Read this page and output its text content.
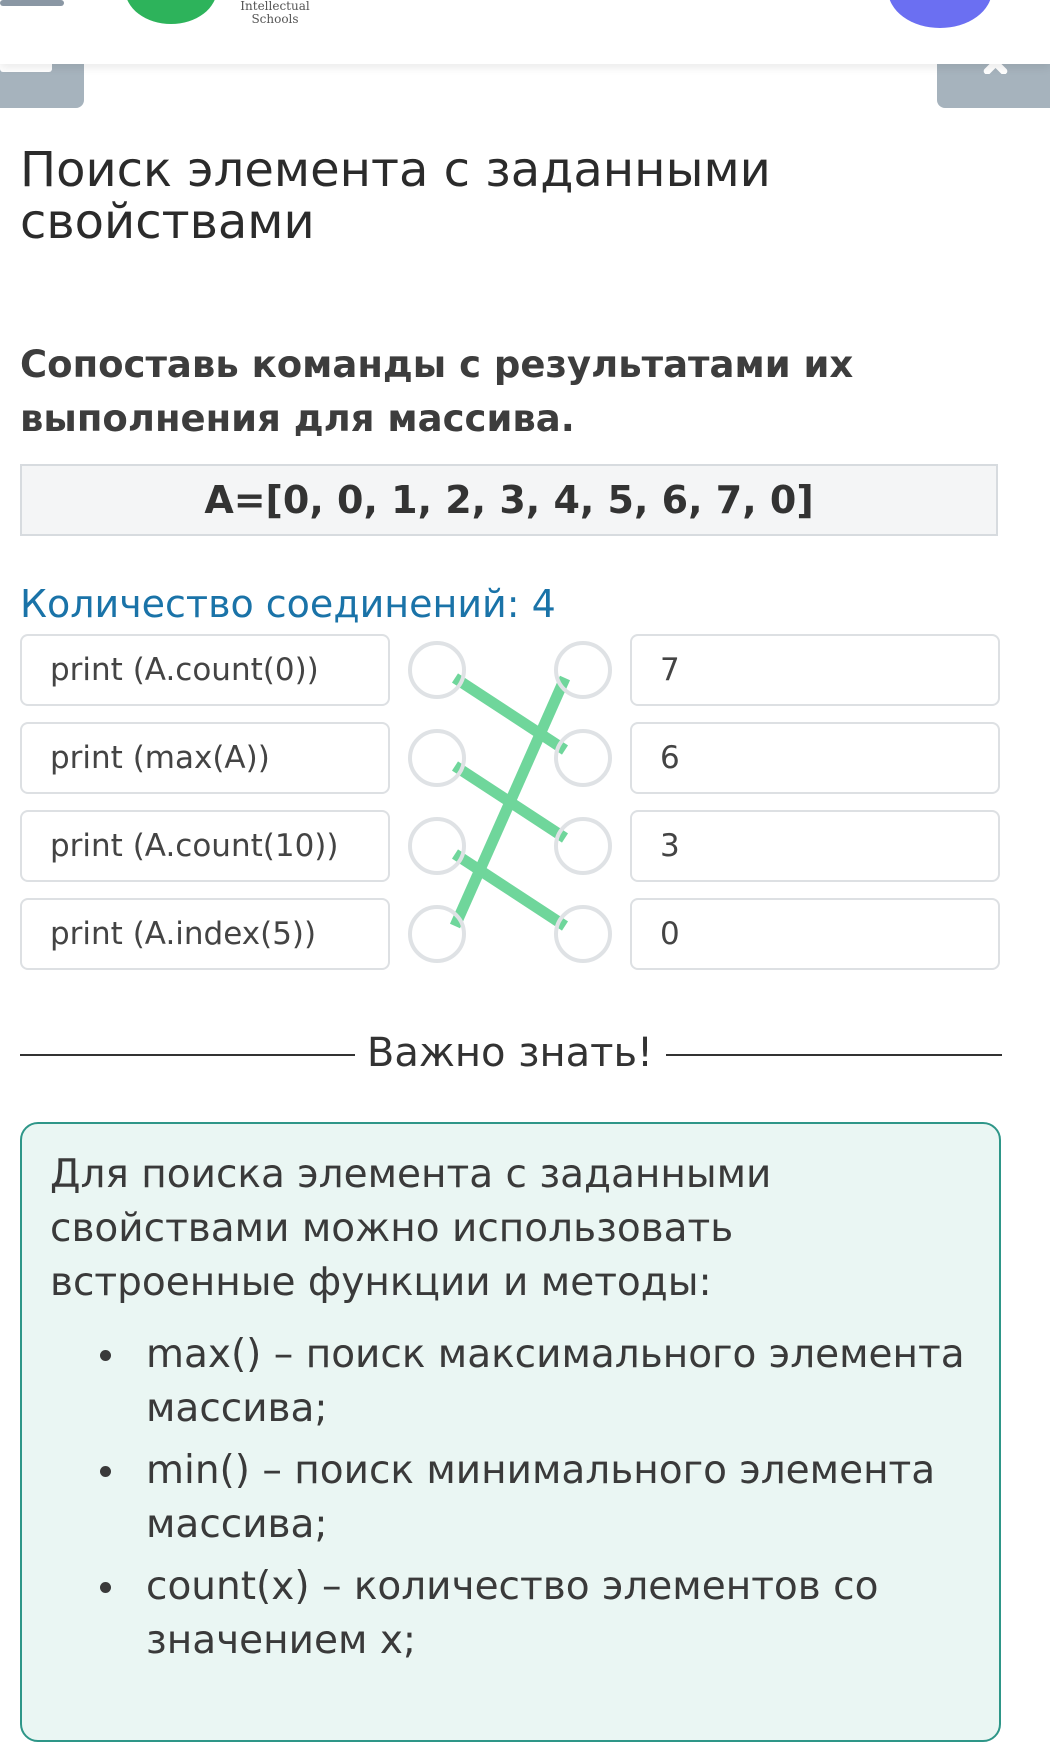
Intellectual
Schools
Поиск элемента с заданными свойствами
Сопоставь команды с результатами их выполнения для массива.
A=[0, 0, 1, 2, 3, 4, 5, 6, 7, 0]
Количество соединений: 4
print (A.count(0))
print (max(A))
print (A.count(10))
print (A.index(5))
7
6
3
0
Важно знать!

Для поиска элемента с заданными свойствами можно использовать встроенные функции и методы:

max() – поиск максимального элемента массива;
min() – поиск минимального элемента массива;
count(x) – количество элементов со значением x;
